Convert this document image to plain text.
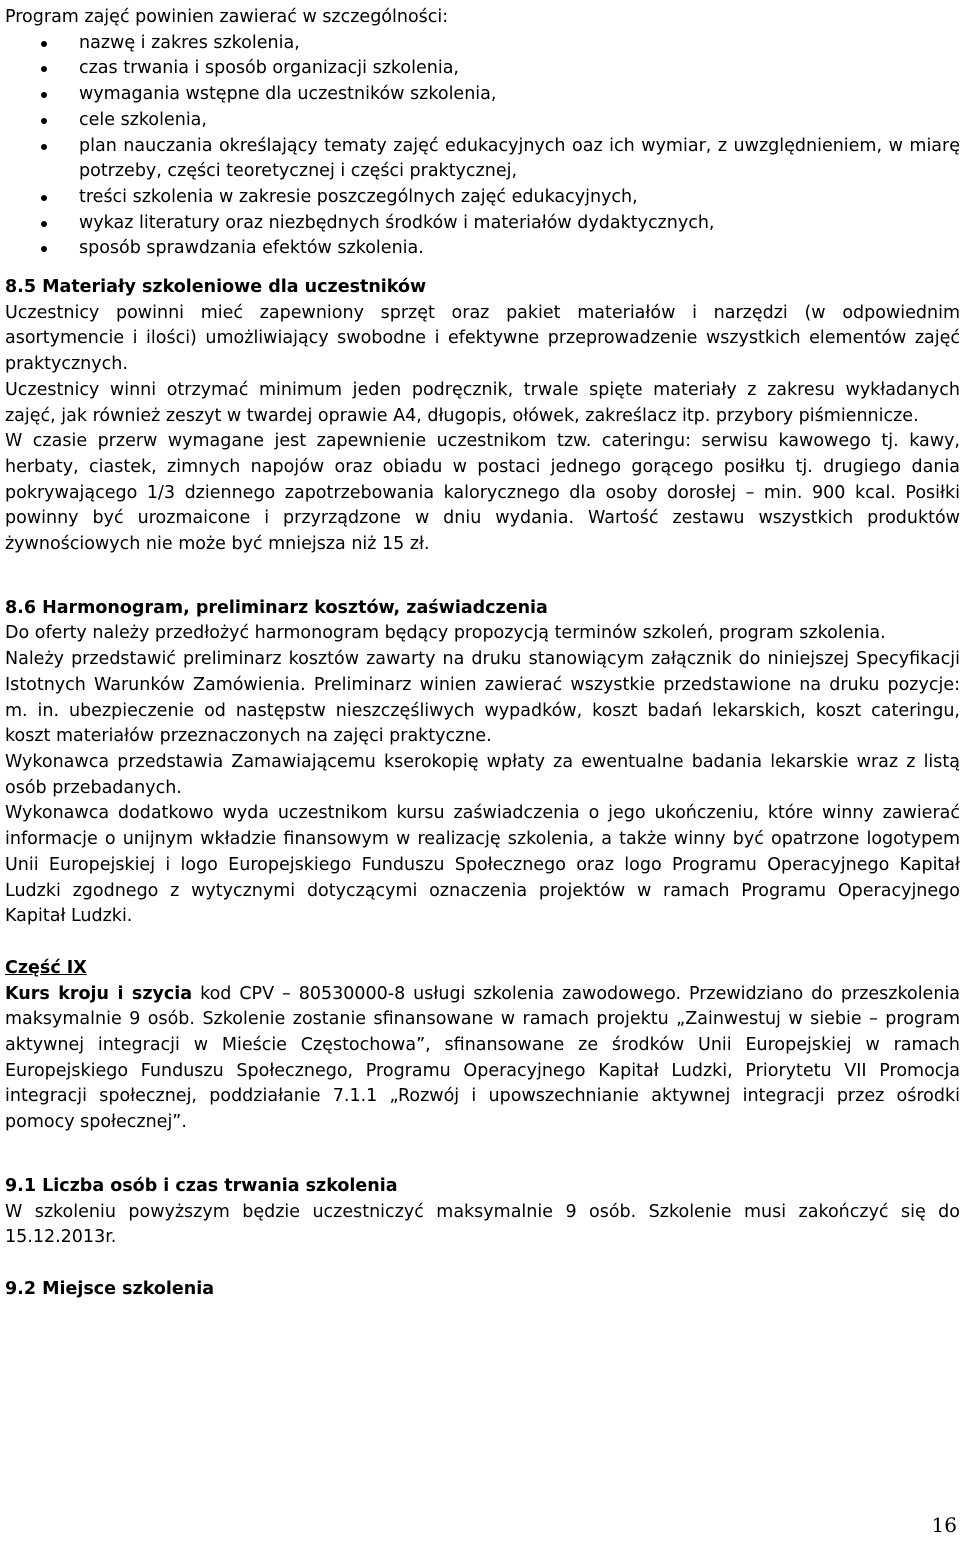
Program zajęć powinien zawierać w szczególności:
nazwę i zakres szkolenia,
czas trwania i sposób organizacji szkolenia,
wymagania wstępne dla uczestników szkolenia,
cele szkolenia,
plan nauczania określający tematy zajęć edukacyjnych oaz ich wymiar, z uwzględnieniem, w miarę potrzeby, części teoretycznej i części praktycznej,
treści szkolenia w zakresie poszczególnych zajęć edukacyjnych,
wykaz literatury oraz niezbędnych środków i materiałów dydaktycznych,
sposób sprawdzania efektów szkolenia.

8.5 Materiały szkoleniowe dla uczestników

Uczestnicy powinni mieć zapewniony sprzęt oraz pakiet materiałów i narzędzi (w odpowiednim asortymencie i ilości) umożliwiający swobodne i efektywne przeprowadzenie wszystkich elementów zajęć praktycznych.

Uczestnicy winni otrzymać minimum jeden podręcznik, trwale spięte materiały z zakresu wykładanych zajęć, jak również zeszyt w twardej oprawie A4, długopis, ołówek, zakreślacz itp. przybory piśmiennicze.

W czasie przerw wymagane jest zapewnienie uczestnikom tzw. cateringu: serwisu kawowego tj. kawy, herbaty, ciastek, zimnych napojów oraz obiadu w postaci jednego gorącego posiłku tj. drugiego dania pokrywającego 1/3 dziennego zapotrzebowania kalorycznego dla osoby dorosłej – min. 900 kcal. Posiłki powinny być urozmaicone i przyrządzone w dniu wydania. Wartość zestawu wszystkich produktów żywnościowych nie może być mniejsza niż 15 zł.

8.6 Harmonogram, preliminarz kosztów, zaświadczenia

Do oferty należy przedłożyć harmonogram będący propozycją terminów szkoleń, program szkolenia.

Należy przedstawić preliminarz kosztów zawarty na druku stanowiącym załącznik do niniejszej Specyfikacji Istotnych Warunków Zamówienia. Preliminarz winien zawierać wszystkie przedstawione na druku pozycje: m. in. ubezpieczenie od następstw nieszczęśliwych wypadków, koszt badań lekarskich, koszt cateringu, koszt materiałów przeznaczonych na zajęci praktyczne.

Wykonawca przedstawia Zamawiającemu kserokopię wpłaty za ewentualne badania lekarskie wraz z listą osób przebadanych.

Wykonawca dodatkowo wyda uczestnikom kursu zaświadczenia o jego ukończeniu, które winny zawierać informacje o unijnym wkładzie finansowym w realizację szkolenia, a także winny być opatrzone logotypem Unii Europejskiej i logo Europejskiego Funduszu Społecznego oraz logo Programu Operacyjnego Kapitał Ludzki zgodnego z wytycznymi dotyczącymi oznaczenia projektów w ramach Programu Operacyjnego Kapitał Ludzki.

Część IX

Kurs kroju i szycia kod CPV – 80530000-8 usługi szkolenia zawodowego. Przewidziano do przeszkolenia maksymalnie 9 osób. Szkolenie zostanie sfinansowane w ramach projektu „Zainwestuj w siebie – program aktywnej integracji w Mieście Częstochowa”, sfinansowane ze środków Unii Europejskiej w ramach Europejskiego Funduszu Społecznego, Programu Operacyjnego Kapitał Ludzki, Priorytetu VII Promocja integracji społecznej, poddziałanie 7.1.1 „Rozwój i upowszechnianie aktywnej integracji przez ośrodki pomocy społecznej”.

9.1 Liczba osób i czas trwania szkolenia

W szkoleniu powyższym będzie uczestniczyć maksymalnie 9 osób. Szkolenie musi zakończyć się do 15.12.2013r.

9.2 Miejsce szkolenia

16
